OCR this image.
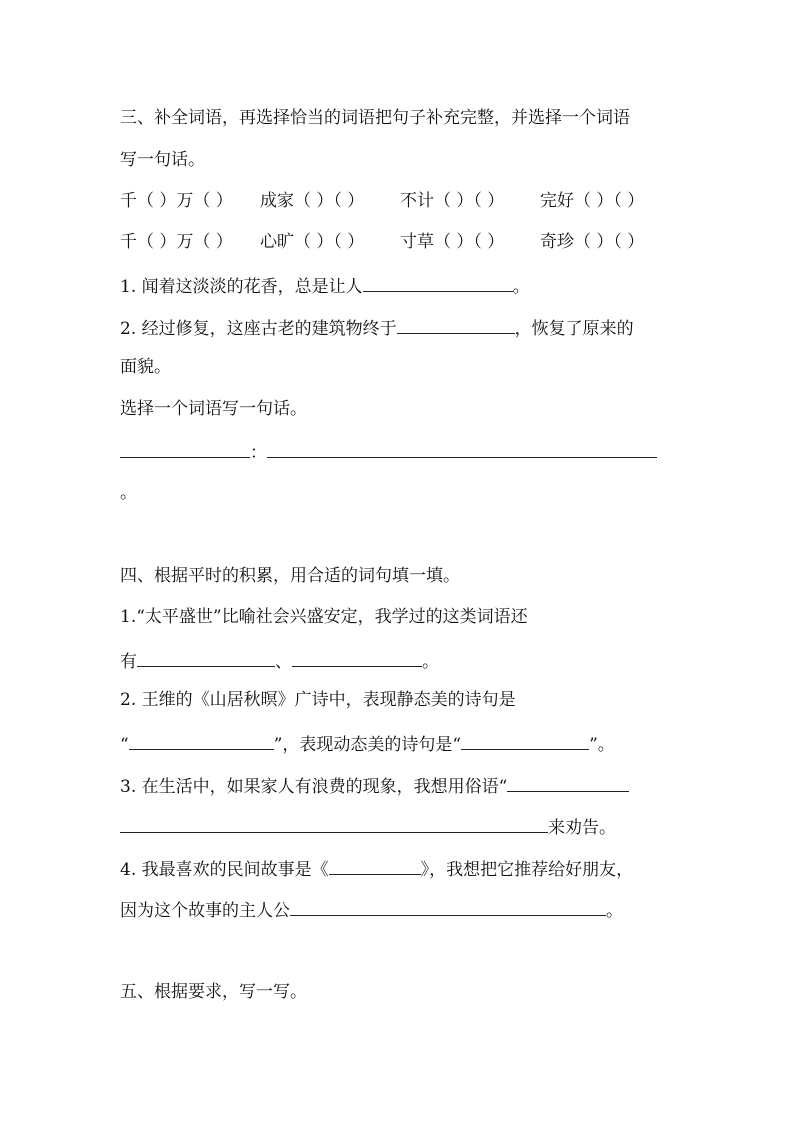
三、补全词语，再选择恰当的词语把句子补充完整，并选择一个词语
写一句话。
千（ ）万（ ） 成家（ ）（ ） 不计（ ）（ ） 完好（ ）（ ）
千（ ）万（ ） 心旷（ ）（ ） 寸草（ ）（ ） 奇珍（ ）（ ）
1. 闻着这淡淡的花香，总是让人	。
2. 经过修复，这座古老的建筑物终于	，恢复了原来的
面貌。
选择一个词语写一句话。
：
。
四、根据平时的积累，用合适的词句填一填。
1.“太平盛世”比喻社会兴盛安定，我学过的这类词语还
有	、	。
2. 王维的《山居秋暝》广诗中，表现静态美的诗句是
“	”，表现动态美的诗句是“	”。
3. 在生活中，如果家人有浪费的现象，我想用俗语“
来劝告。
4. 我最喜欢的民间故事是《	》，我想把它推荐给好朋友，
因为这个故事的主人公	。
五、根据要求，写一写。
